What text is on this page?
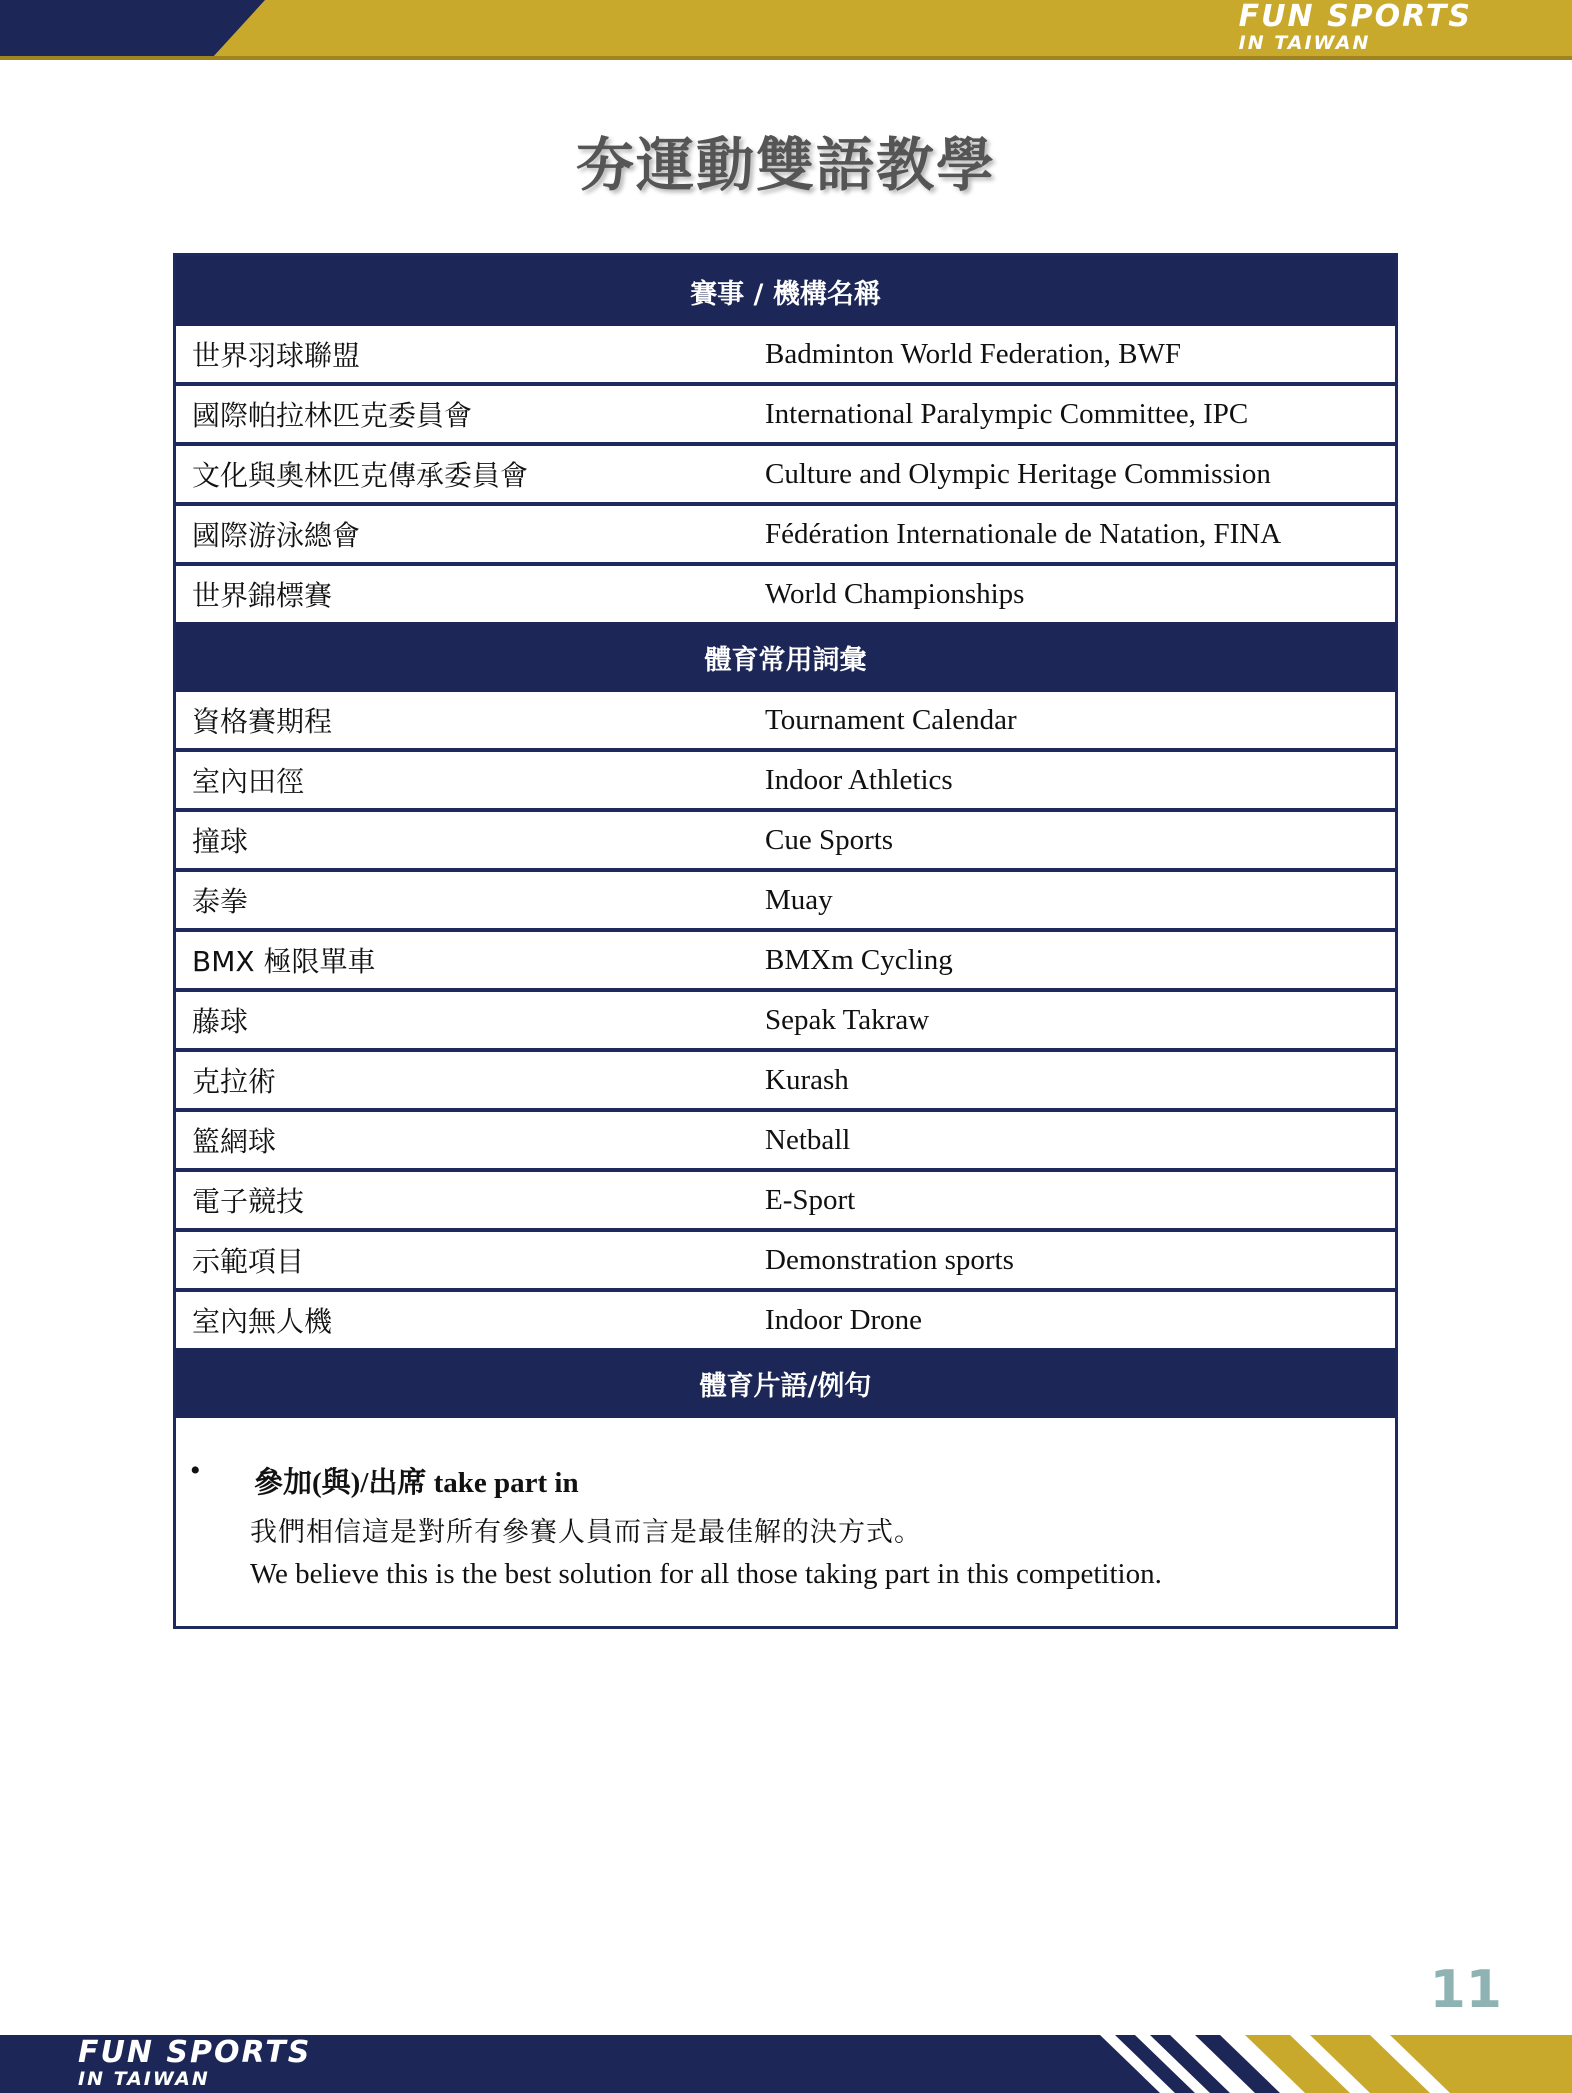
FUN SPORTS
IN TAIWAN
夯運動雙語教學
賽事 / 機構名稱
世界羽球聯盟	Badminton World Federation, BWF
國際帕拉林匹克委員會	International Paralympic Committee, IPC
文化與奧林匹克傳承委員會	Culture and Olympic Heritage Commission
國際游泳總會	Fédération Internationale de Natation, FINA
世界錦標賽	World Championships
體育常用詞彙
資格賽期程	Tournament Calendar
室內田徑	Indoor Athletics
撞球	Cue Sports
泰拳	Muay
BMX 極限單車	BMXm Cycling
藤球	Sepak Takraw
克拉術	Kurash
籃網球	Netball
電子競技	E-Sport
示範項目	Demonstration sports
室內無人機	Indoor Drone
體育片語/例句
• 參加(與)/出席 take part in
我們相信這是對所有參賽人員而言是最佳解的決方式。
We believe this is the best solution for all those taking part in this competition.
11
FUN SPORTS
IN TAIWAN
